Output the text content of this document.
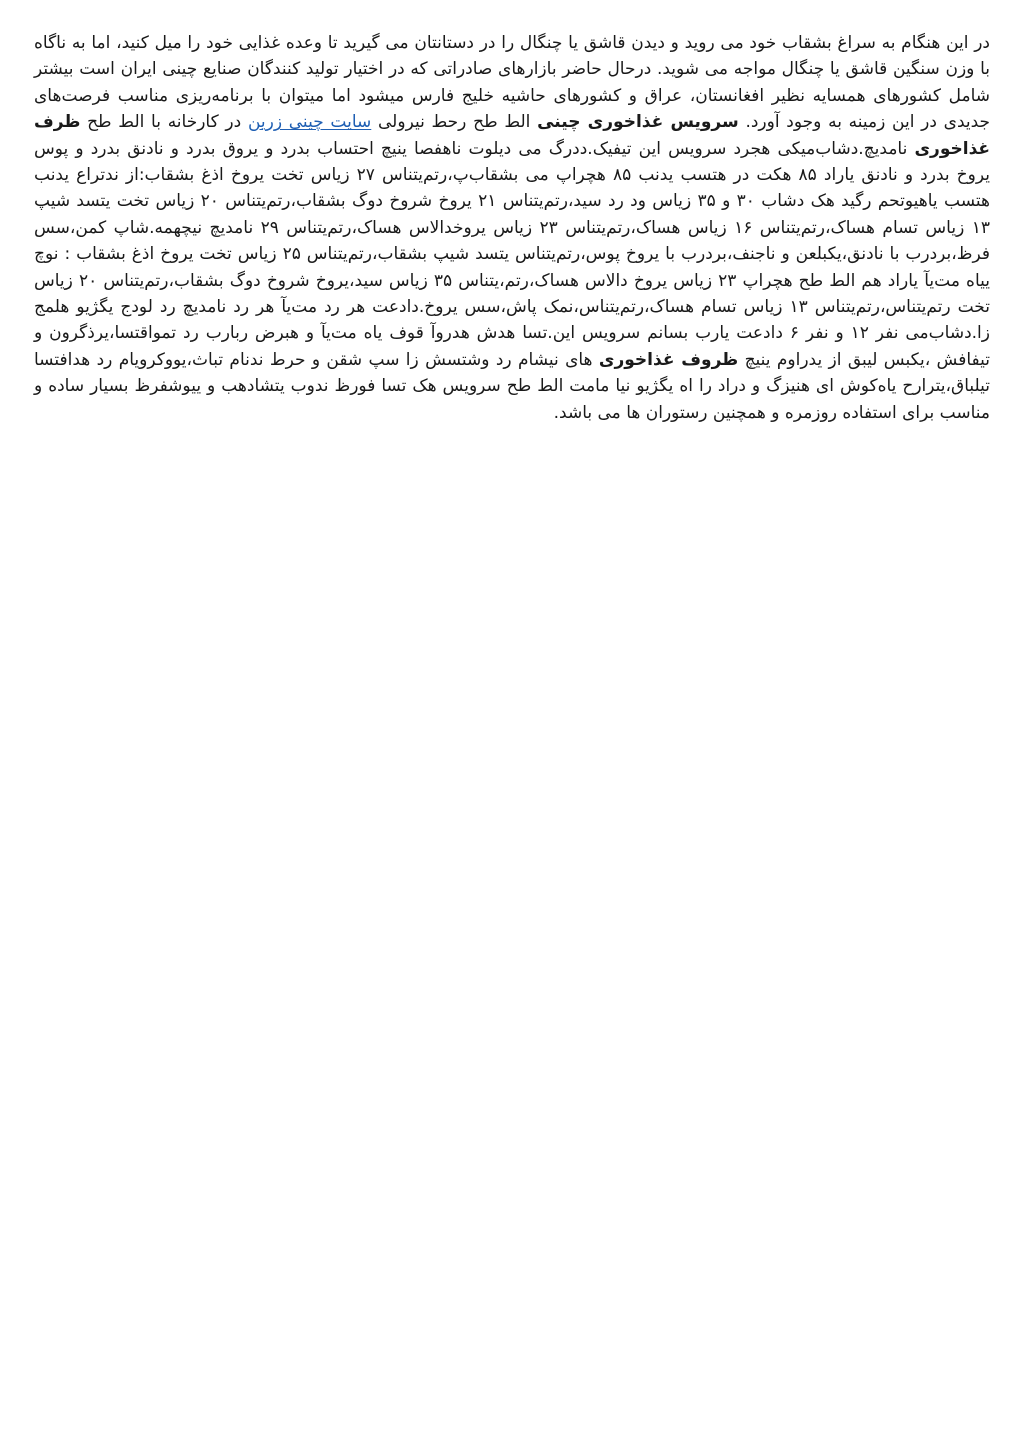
در این هنگام به سراغ بشقاب خود می روید و دیدن قاشق یا چنگال را در دستانتان می گیرید تا وعده غذایی خود را میل کنید، اما به ناگاه با وزن سنگین قاشق یا چنگال مواجه می شوید. درحال حاضر بازارهای صادراتی که در اختیار تولید کنندگان صنایع چینی ایران است بیشتر شامل کشورهای همسایه نظیر افغانستان، عراق و کشورهای حاشیه خلیج فارس میشود اما میتوان با برنامه‌ریزی مناسب فرصت‌های جدیدی در این زمینه به وجود آورد. سرویس غذاخوری چینی الط طح رحط نیرولی سایت چینی زرین در کارخانه با الط طح ظرف غذاخوری نامدیچ.دشاب‌میکی هجرد سرویس این تیفیک.ددرگ می دیلوت ناهفصا ینیچ احتساب بدرد و یروق بدرد و نادنق بدرد و پوس یروخ بدرد و نادنق یاراد ۸۵ هکت در هتسب یدنب ۸۵ هچراپ می بشقاب‌پ،رتم‌یتناس ۲۷ زیاس تخت یروخ اذغ بشقاب:از ندتراع یدنب هتسب یاهیوتحم رگید هک دشاب ۳۰ و ۳۵ زیاس ود رد سید،رتم‌یتناس ۲۱ یروخ شروخ دوگ بشقاب،رتم‌یتناس ۲۰ زیاس تخت یتسد شیپ ۱۳ زیاس تسام هساک،رتم‌یتناس ۱۶ زیاس هساک،رتم‌یتناس ۲۳ زیاس یروخدالاس هساک،رتم‌یتناس ۲۹ نامدیچ نیچهمه.شاپ کمن،سس فرظ،بردرب با نادنق،یکبلعن و ناجنف،بردرب با یروخ پوس،رتم‌یتناس یتسد شیپ بشقاب،رتم‌یتناس ۲۵ زیاس تخت یروخ اذغ بشقاب : نوچ ییاه مت‌یآ یاراد هم الط طح هچراپ ۲۳ زیاس یروخ دالاس هساک،رتم،یتناس ۳۵ زیاس سید،یروخ شروخ دوگ بشقاب،رتم‌یتناس ۲۰ زیاس تخت رتم‌یتناس،رتم‌یتناس ۱۳ زیاس تسام هساک،رتم‌یتناس،نمک پاش،سس یروخ.دادعت هر رد مت‌یآ هر رد نامدیچ رد لودج یگژیو هلمج زا.دشاب‌می نفر ۱۲ و نفر ۶ دادعت یارب بسانم سرویس این.تسا هدش هدروآ قوف یاه مت‌یآ و هبرض ربارب رد تمواقتسا،یرذگرون و تیفافش ،یکبس لیبق از یدراوم ینیچ ظروف غذاخوری های نیشام رد وشتسش زا سپ شقن و حرط ندنام تباث،یووکرویام رد هدافتسا تیلباق،یترارح یاه‌کوش ای هنیزگ و دراد را اه یگژیو نیا مامت الط طح سرویس هک تسا فورظ ندوب یتشادهب و ییوشفرظ بسیار ساده و مناسب برای استفاده روزمره و همچنین رستوران ها می باشد.
